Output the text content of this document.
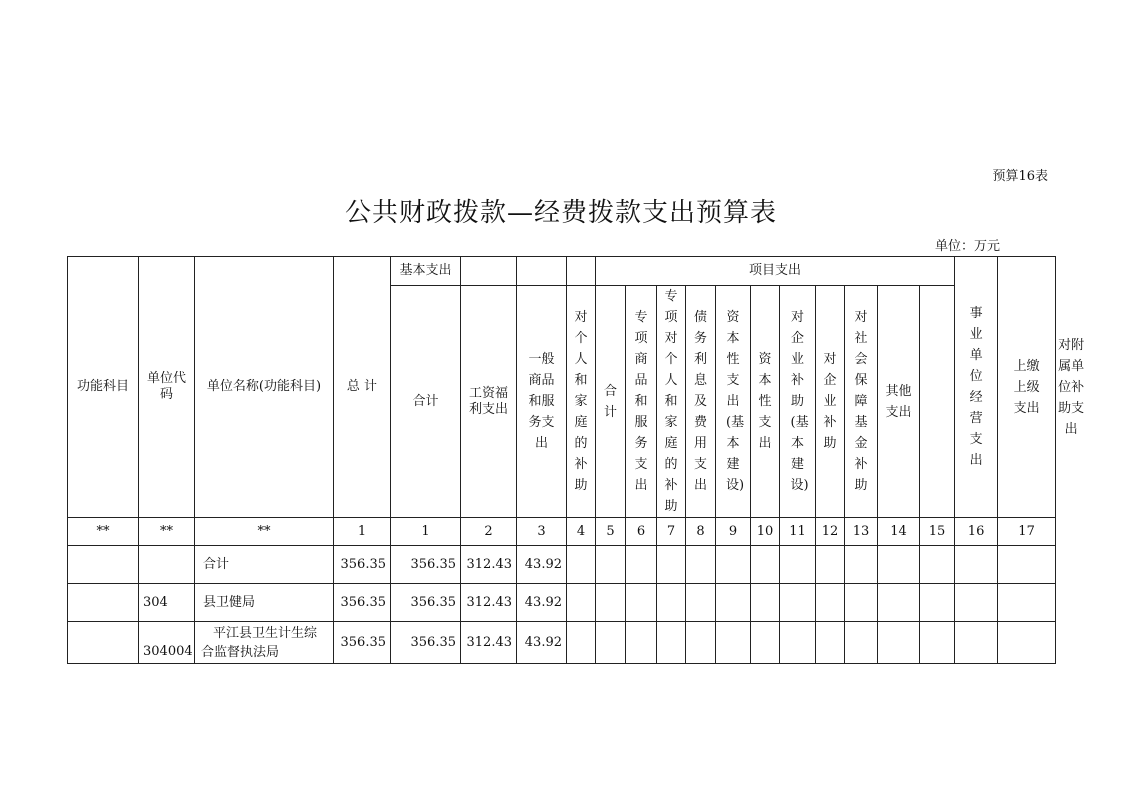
预算16表
公共财政拨款—经费拨款支出预算表
单位：万元
功能科目	单位代码	单位名称(功能科目)	总 计	基本支出				项目支出											事业单位经营支出	上缴上级支出	对附属单位补助支出

				合计	工资福利支出	一般商品和服务支出	对个人和家庭的补助	合计	专项商品和服务支出	专项对个人和家庭的补助	债务利息及费用支出	资本性支出(基本建设)	资本性支出	对企业补助(基本建设)	对企业补助	对社会保障基金补助	其他支出				

**	**	**	1	1	2	3	4	5	6	7	8	9	10	11	12	13	14	15	16	17	
		合计	356.35	356.35	312.43	43.92															
	304	县卫健局	356.35	356.35	312.43	43.92															
	304004	平江县卫生计生综合监督执法局	356.35	356.35	312.43	43.92															
